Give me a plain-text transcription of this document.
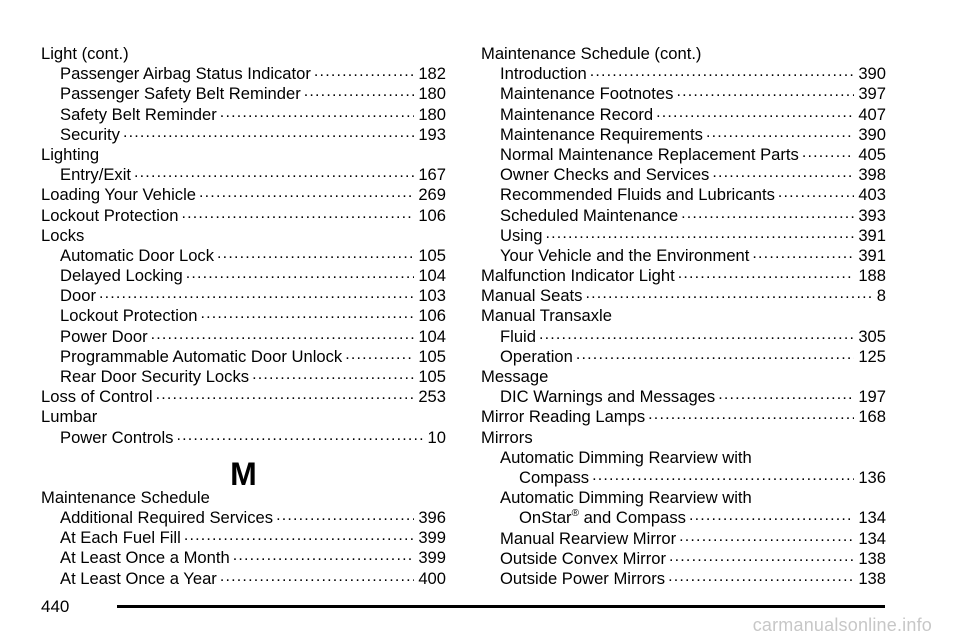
Light (cont.)
Passenger Airbag Status Indicator .....	182
Passenger Safety Belt Reminder .....	180
Safety Belt Reminder .....	180
Security .....	193
Lighting
Entry/Exit .....	167
Loading Your Vehicle .....	269
Lockout Protection .....	106
Locks
Automatic Door Lock .....	105
Delayed Locking .....	104
Door .....	103
Lockout Protection .....	106
Power Door .....	104
Programmable Automatic Door Unlock .....	105
Rear Door Security Locks .....	105
Loss of Control .....	253
Lumbar
Power Controls .....	10
M
Maintenance Schedule
Additional Required Services .....	396
At Each Fuel Fill .....	399
At Least Once a Month .....	399
At Least Once a Year .....	400
Maintenance Schedule (cont.)
Introduction .....	390
Maintenance Footnotes .....	397
Maintenance Record .....	407
Maintenance Requirements .....	390
Normal Maintenance Replacement Parts .....	405
Owner Checks and Services .....	398
Recommended Fluids and Lubricants .....	403
Scheduled Maintenance .....	393
Using .....	391
Your Vehicle and the Environment .....	391
Malfunction Indicator Light .....	188
Manual Seats .....	8
Manual Transaxle
Fluid .....	305
Operation .....	125
Message
DIC Warnings and Messages .....	197
Mirror Reading Lamps .....	168
Mirrors
Automatic Dimming Rearview with
Compass .....	136
Automatic Dimming Rearview with
OnStar® and Compass .....	134
Manual Rearview Mirror .....	134
Outside Convex Mirror .....	138
Outside Power Mirrors .....	138
440
carmanualsonline.info
